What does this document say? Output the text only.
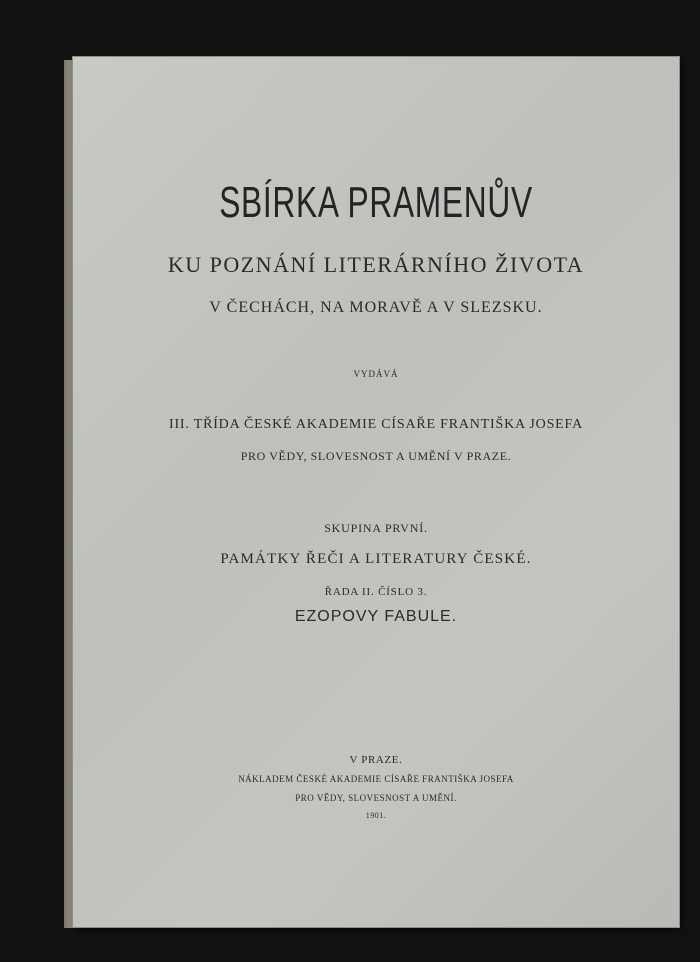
SBÍRKA PRAMENŮV
KU POZNÁNÍ LITERÁRNÍHO ŽIVOTA
V ČECHÁCH, NA MORAVĚ A V SLEZSKU.
VYDÁVÁ
III. TŘÍDA ČESKÉ AKADEMIE CÍSAŘE FRANTIŠKA JOSEFA
PRO VĚDY, SLOVESNOST A UMĚNÍ V PRAZE.
SKUPINA PRVNÍ.
PAMÁTKY ŘEČI A LITERATURY ČESKÉ.
ŘADA II. ČÍSLO 3.
EZOPOVY FABULE.
V PRAZE.
NÁKLADEM ČESKÉ AKADEMIE CÍSAŘE FRANTIŠKA JOSEFA
PRO VĚDY, SLOVESNOST A UMĚNÍ.
1901.
